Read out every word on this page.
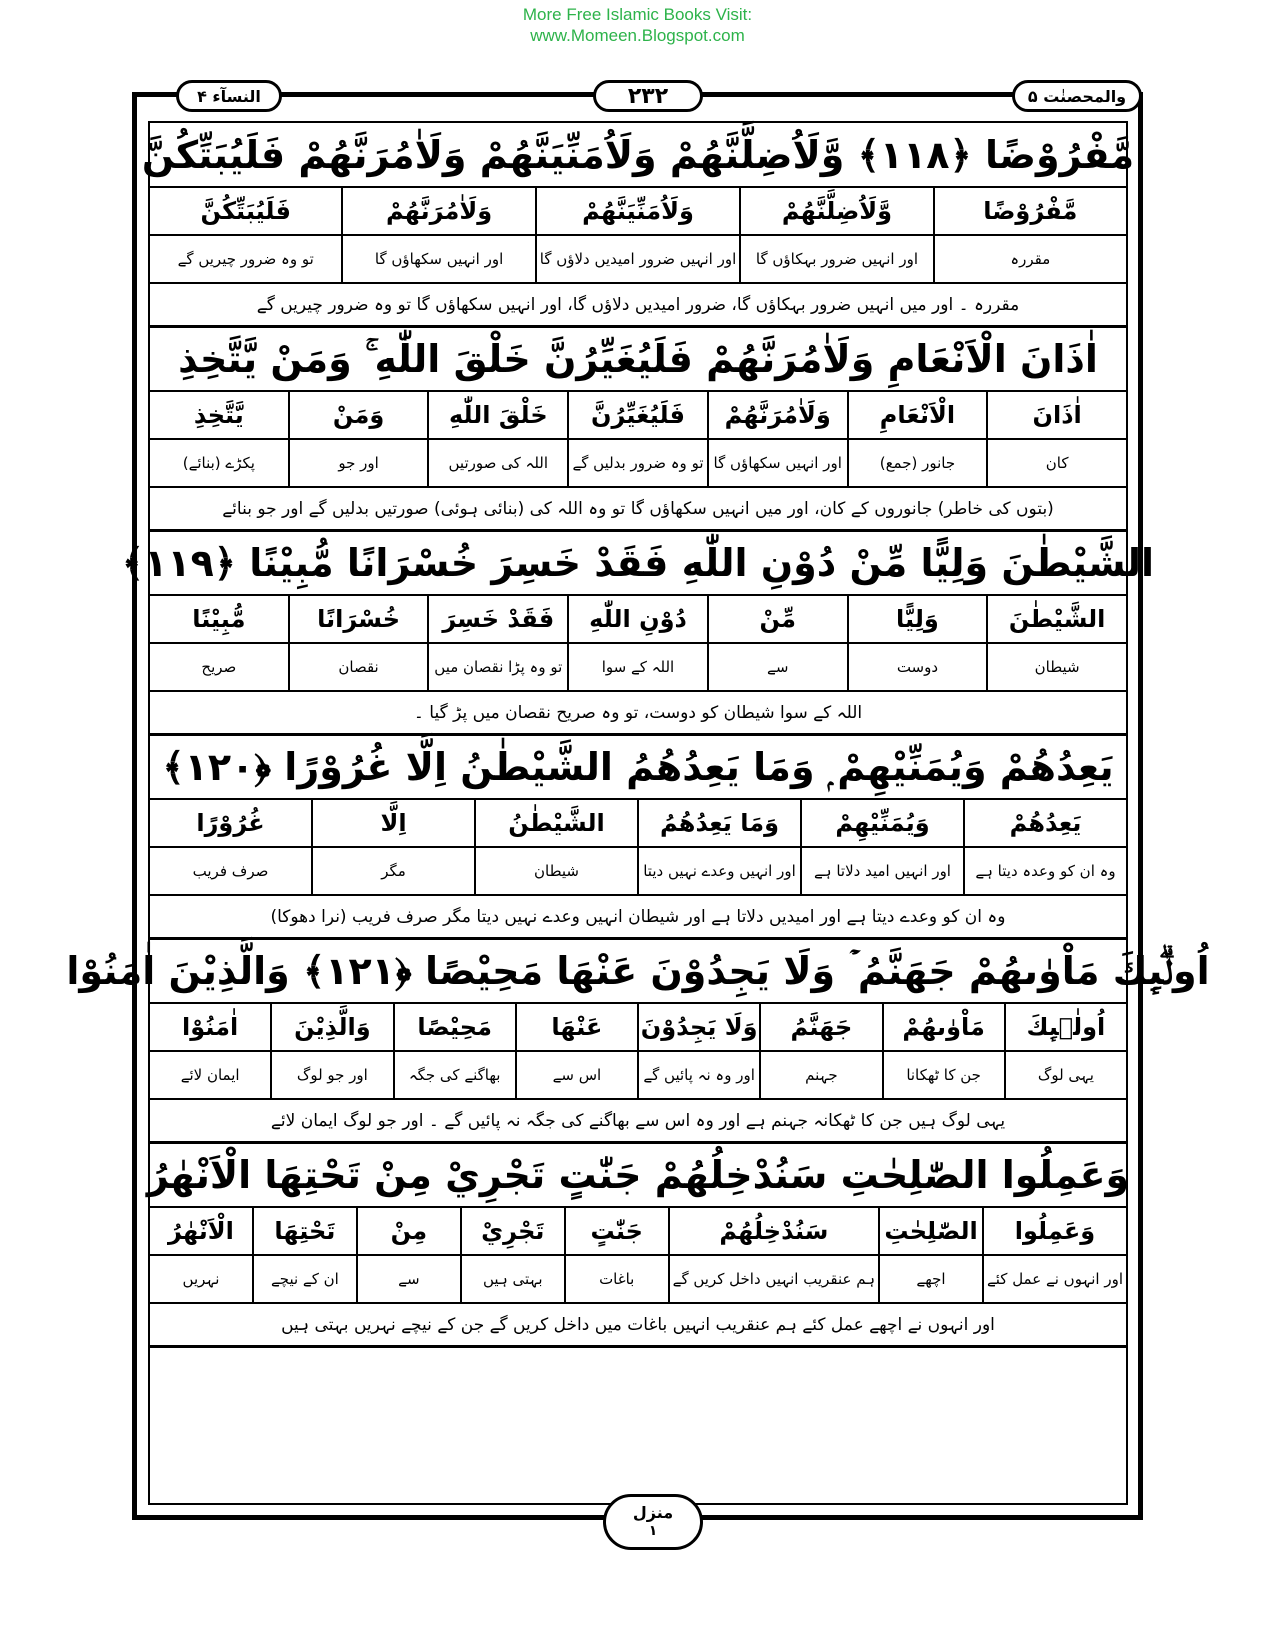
More Free Islamic Books Visit:
www.Momeen.Blogspot.com
النسآء ۴	۲۳۲	والمحصنٰت ۵
مَّفْرُوْضًا ﴿۱۱۸﴾ وَّلَاُضِلَّنَّهُمْ وَلَاُمَنِّيَنَّهُمْ وَلَاٰمُرَنَّهُمْ فَلَيُبَتِّكُنَّ
مَّفْرُوْضًا
مقررہ
وَّلَاُضِلَّنَّهُمْ
اور انہیں ضرور بہکاؤں گا
وَلَاُمَنِّيَنَّهُمْ
اور انہیں ضرور امیدیں دلاؤں گا
وَلَاٰمُرَنَّهُمْ
اور انہیں سکھاؤں گا
فَلَيُبَتِّكُنَّ
تو وہ ضرور چیریں گے
مقررہ ۔ اور میں انہیں ضرور بہکاؤں گا، ضرور امیدیں دلاؤں گا، اور انہیں سکھاؤں گا تو وہ ضرور چیریں گے
اٰذَانَ الْاَنْعَامِ وَلَاٰمُرَنَّهُمْ فَلَيُغَيِّرُنَّ خَلْقَ اللّٰهِ ۚ وَمَنْ يَّتَّخِذِ
اٰذَانَ
کان
الْاَنْعَامِ
جانور (جمع)
وَلَاٰمُرَنَّهُمْ
اور انہیں سکھاؤں گا
فَلَيُغَيِّرُنَّ
تو وہ ضرور بدلیں گے
خَلْقَ اللّٰهِ
اللہ کی صورتیں
وَمَنْ
اور جو
يَّتَّخِذِ
پکڑے (بنائے)
(بتوں کی خاطر) جانوروں کے کان، اور میں انہیں سکھاؤں گا تو وہ اللہ کی (بنائی ہوئی) صورتیں بدلیں گے اور جو بنائے
الشَّيْطٰنَ وَلِيًّا مِّنْ دُوْنِ اللّٰهِ فَقَدْ خَسِرَ خُسْرَانًا مُّبِيْنًا ﴿۱۱۹﴾
الشَّيْطٰنَ
شیطان
وَلِيًّا
دوست
مِّنْ
سے
دُوْنِ اللّٰهِ
اللہ کے سوا
فَقَدْ خَسِرَ
تو وہ پڑا نقصان میں
خُسْرَانًا
نقصان
مُّبِيْنًا
صریح
اللہ کے سوا شیطان کو دوست، تو وہ صریح نقصان میں پڑ گیا ۔
يَعِدُهُمْ وَيُمَنِّيْهِمْ ۭ وَمَا يَعِدُهُمُ الشَّيْطٰنُ اِلَّا غُرُوْرًا ﴿۱۲۰﴾
يَعِدُهُمْ
وہ ان کو وعدہ دیتا ہے
وَيُمَنِّيْهِمْ
اور انہیں امید دلاتا ہے
وَمَا يَعِدُهُمُ
اور انہیں وعدے نہیں دیتا
الشَّيْطٰنُ
شیطان
اِلَّا
مگر
غُرُوْرًا
صرف فریب
وہ ان کو وعدے دیتا ہے اور امیدیں دلاتا ہے اور شیطان انہیں وعدے نہیں دیتا مگر صرف فریب (نرا دھوکا)
اُولٰۗىِٕكَ مَاْوٰىهُمْ جَهَنَّمُ ۡ وَلَا يَجِدُوْنَ عَنْهَا مَحِيْصًا ﴿۱۲۱﴾ وَالَّذِيْنَ اٰمَنُوْا
اُولٰۗىِٕكَ
یہی لوگ
مَاْوٰىهُمْ
جن کا ٹھکانا
جَهَنَّمُ
جہنم
وَلَا يَجِدُوْنَ
اور وہ نہ پائیں گے
عَنْهَا
اس سے
مَحِيْصًا
بھاگنے کی جگہ
وَالَّذِيْنَ
اور جو لوگ
اٰمَنُوْا
ایمان لائے
یہی لوگ ہیں جن کا ٹھکانہ جہنم ہے اور وہ اس سے بھاگنے کی جگہ نہ پائیں گے ۔ اور جو لوگ ایمان لائے
وَعَمِلُوا الصّٰلِحٰتِ سَنُدْخِلُهُمْ جَنّٰتٍ تَجْرِيْ مِنْ تَحْتِهَا الْاَنْهٰرُ
وَعَمِلُوا
اور انہوں نے عمل کئے
الصّٰلِحٰتِ
اچھے
سَنُدْخِلُهُمْ
ہم عنقریب انہیں داخل کریں گے
جَنّٰتٍ
باغات
تَجْرِيْ
بہتی ہیں
مِنْ
سے
تَحْتِهَا
ان کے نیچے
الْاَنْهٰرُ
نہریں
اور انہوں نے اچھے عمل کئے ہم عنقریب انہیں باغات میں داخل کریں گے جن کے نیچے نہریں بہتی ہیں
منزل
۱
